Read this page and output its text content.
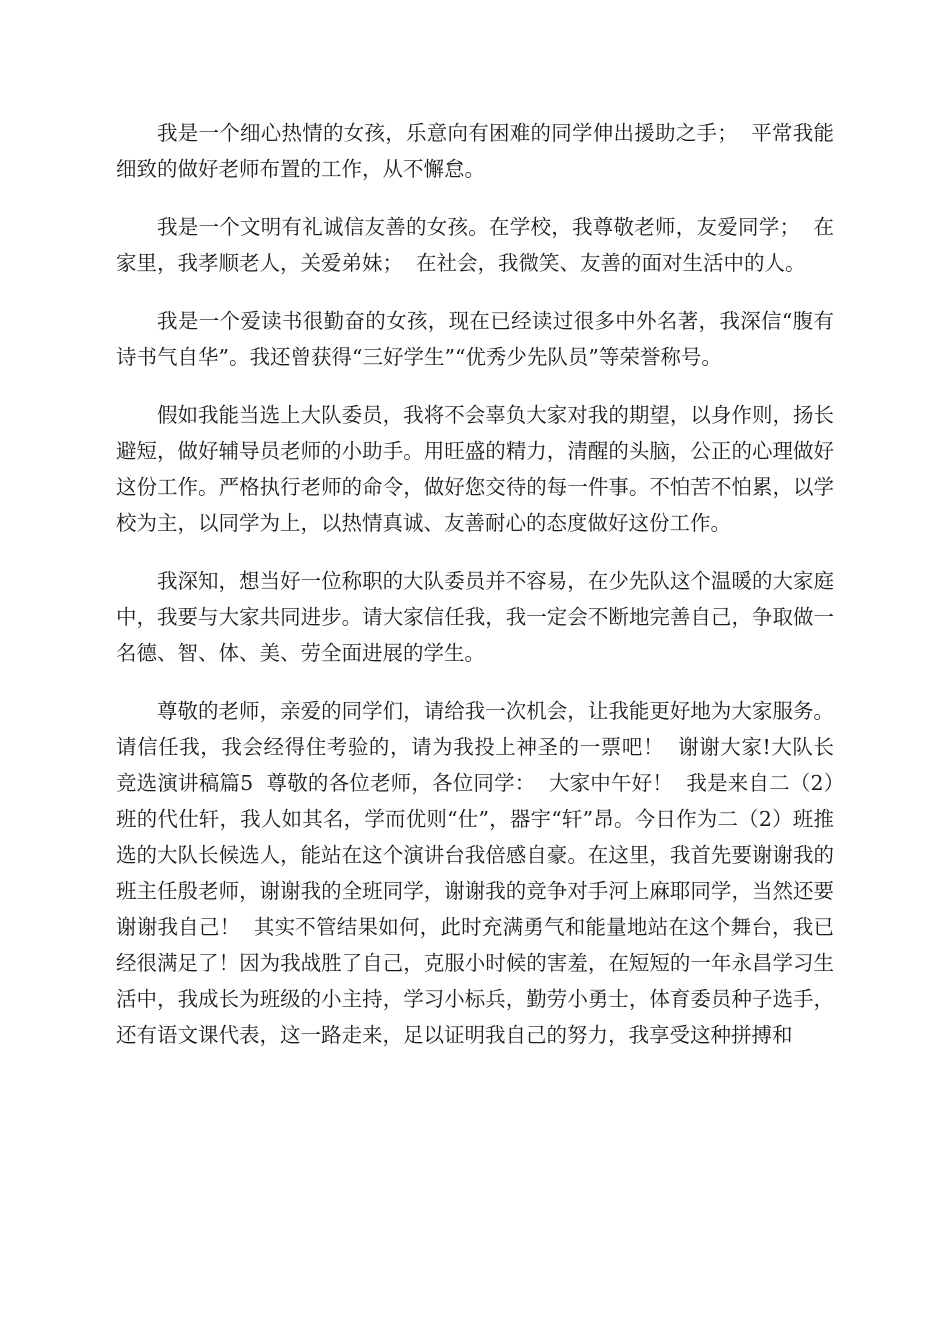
我是一个细心热情的女孩，乐意向有困难的同学伸出援助之手；  平常我能细致的做好老师布置的工作，从不懈怠。

我是一个文明有礼诚信友善的女孩。在学校，我尊敬老师，友爱同学；  在家里，我孝顺老人，关爱弟妹；  在社会，我微笑、友善的面对生活中的人。

我是一个爱读书很勤奋的女孩，现在已经读过很多中外名著，我深信“腹有诗书气自华”。我还曾获得“三好学生”“优秀少先队员”等荣誉称号。

假如我能当选上大队委员，我将不会辜负大家对我的期望，以身作则，扬长避短，做好辅导员老师的小助手。用旺盛的精力，清醒的头脑，公正的心理做好这份工作。严格执行老师的命令，做好您交待的每一件事。不怕苦不怕累，以学校为主，以同学为上，以热情真诚、友善耐心的态度做好这份工作。

我深知，想当好一位称职的大队委员并不容易，在少先队这个温暖的大家庭中，我要与大家共同进步。请大家信任我，我一定会不断地完善自己，争取做一名德、智、体、美、劳全面进展的学生。

尊敬的老师，亲爱的同学们，请给我一次机会，让我能更好地为大家服务。请信任我，我会经得住考验的，请为我投上神圣的一票吧！  谢谢大家!大队长竞选演讲稿篇5  尊敬的各位老师，各位同学：  大家中午好！  我是来自二（2）班的代仕轩，我人如其名，学而优则“仕”，器宇“轩”昂。今日作为二（2）班推选的大队长候选人，能站在这个演讲台我倍感自豪。在这里，我首先要谢谢我的班主任殷老师，谢谢我的全班同学，谢谢我的竞争对手河上麻耶同学，当然还要谢谢我自己！  其实不管结果如何，此时充满勇气和能量地站在这个舞台，我已经很满足了！因为我战胜了自己，克服小时候的害羞，在短短的一年永昌学习生活中，我成长为班级的小主持，学习小标兵，勤劳小勇士，体育委员种子选手，还有语文课代表，这一路走来，足以证明我自己的努力，我享受这种拼搏和
